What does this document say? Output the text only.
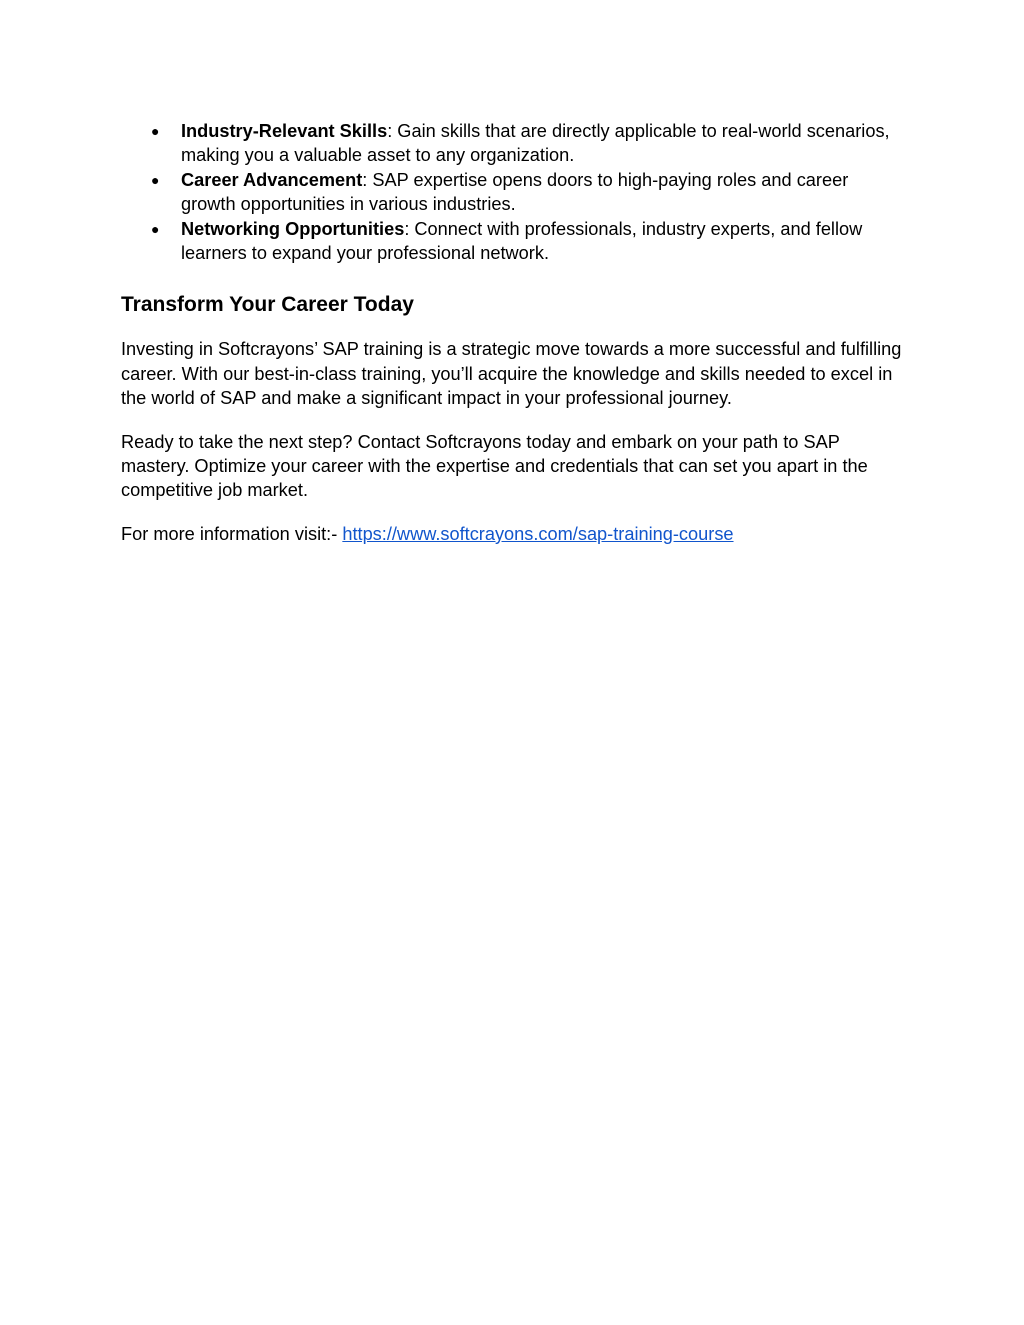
● Industry-Relevant Skills: Gain skills that are directly applicable to real-world scenarios, making you a valuable asset to any organization.
● Career Advancement: SAP expertise opens doors to high-paying roles and career growth opportunities in various industries.
● Networking Opportunities: Connect with professionals, industry experts, and fellow learners to expand your professional network.
Transform Your Career Today

Investing in Softcrayons’ SAP training is a strategic move towards a more successful and fulfilling career. With our best-in-class training, you’ll acquire the knowledge and skills needed to excel in the world of SAP and make a significant impact in your professional journey.

Ready to take the next step? Contact Softcrayons today and embark on your path to SAP mastery. Optimize your career with the expertise and credentials that can set you apart in the competitive job market.

For more information visit:- https://www.softcrayons.com/sap-training-course
